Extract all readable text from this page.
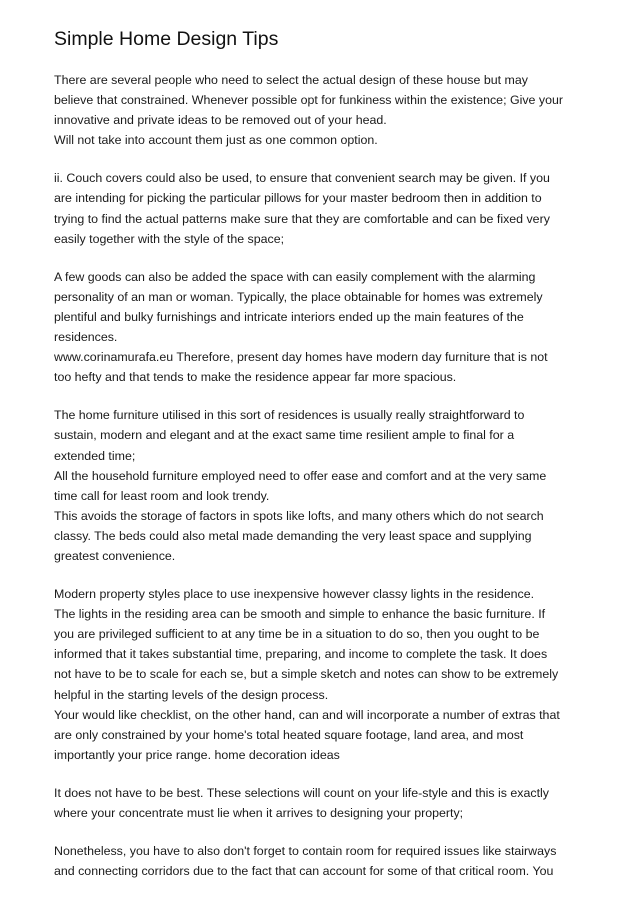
Simple Home Design Tips

There are several people who need to select the actual design of these house but may
believe that constrained. Whenever possible opt for funkiness within the existence; Give your
innovative and private ideas to be removed out of your head.
Will not take into account them just as one common option.

ii. Couch covers could also be used, to ensure that convenient search may be given. If you
are intending for picking the particular pillows for your master bedroom then in addition to
trying to find the actual patterns make sure that they are comfortable and can be fixed very
easily together with the style of the space;

A few goods can also be added the space with can easily complement with the alarming
personality of an man or woman. Typically, the place obtainable for homes was extremely
plentiful and bulky furnishings and intricate interiors ended up the main features of the
residences.
www.corinamurafa.eu Therefore, present day homes have modern day furniture that is not
too hefty and that tends to make the residence appear far more spacious.

The home furniture utilised in this sort of residences is usually really straightforward to
sustain, modern and elegant and at the exact same time resilient ample to final for a
extended time;
All the household furniture employed need to offer ease and comfort and at the very same
time call for least room and look trendy.
This avoids the storage of factors in spots like lofts, and many others which do not search
classy. The beds could also metal made demanding the very least space and supplying
greatest convenience.

Modern property styles place to use inexpensive however classy lights in the residence.
The lights in the residing area can be smooth and simple to enhance the basic furniture. If
you are privileged sufficient to at any time be in a situation to do so, then you ought to be
informed that it takes substantial time, preparing, and income to complete the task. It does
not have to be to scale for each se, but a simple sketch and notes can show to be extremely
helpful in the starting levels of the design process.
Your would like checklist, on the other hand, can and will incorporate a number of extras that
are only constrained by your home's total heated square footage, land area, and most
importantly your price range. home decoration ideas

It does not have to be best. These selections will count on your life-style and this is exactly
where your concentrate must lie when it arrives to designing your property;

Nonetheless, you have to also don't forget to contain room for required issues like stairways
and connecting corridors due to the fact that can account for some of that critical room. You
